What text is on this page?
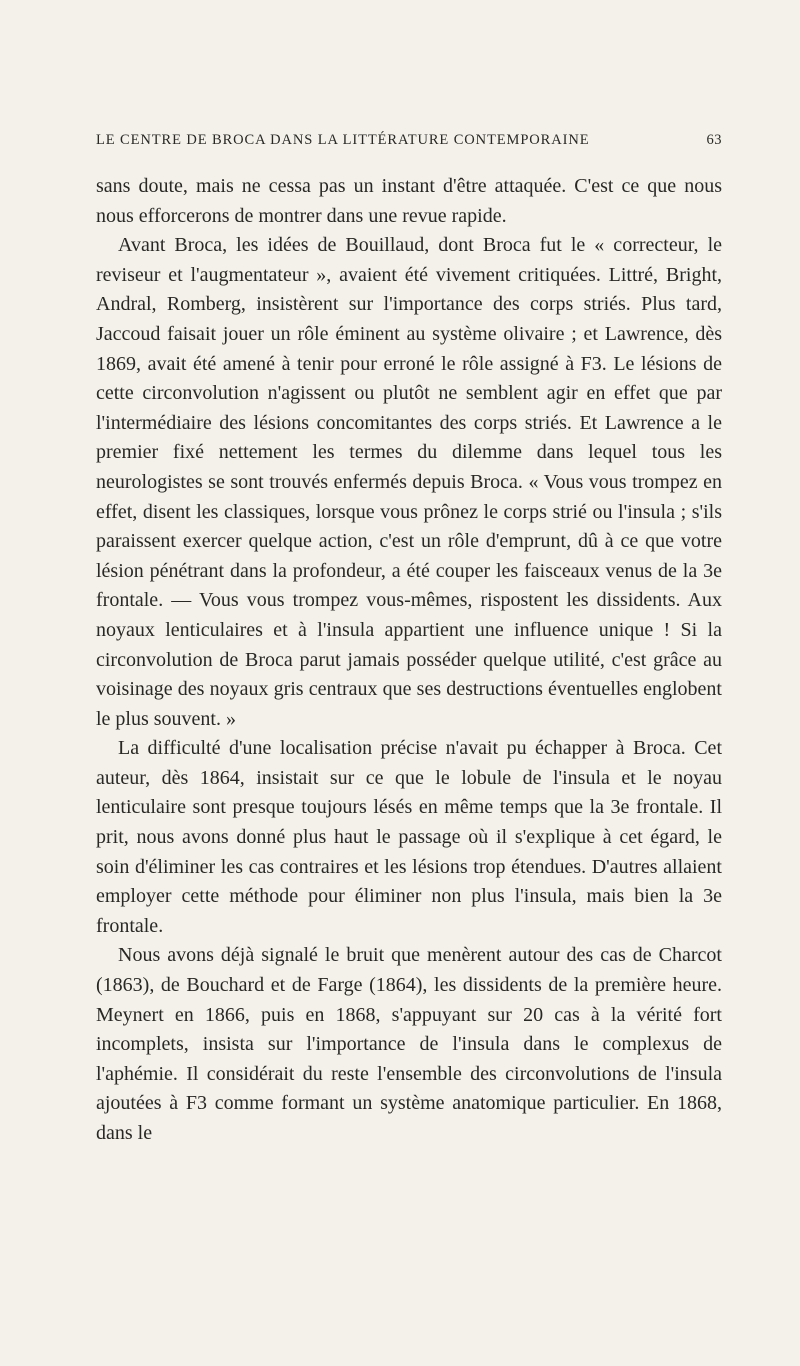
LE CENTRE DE BROCA DANS LA LITTÉRATURE CONTEMPORAINE	63

sans doute, mais ne cessa pas un instant d'être attaquée. C'est ce que nous nous efforcerons de montrer dans une revue rapide.

Avant Broca, les idées de Bouillaud, dont Broca fut le « correcteur, le reviseur et l'augmentateur », avaient été vivement critiquées. Littré, Bright, Andral, Romberg, insistèrent sur l'importance des corps striés. Plus tard, Jaccoud faisait jouer un rôle éminent au système olivaire ; et Lawrence, dès 1869, avait été amené à tenir pour erroné le rôle assigné à F3. Le lésions de cette circonvolution n'agissent ou plutôt ne semblent agir en effet que par l'intermédiaire des lésions concomitantes des corps striés. Et Lawrence a le premier fixé nettement les termes du dilemme dans lequel tous les neurologistes se sont trouvés enfermés depuis Broca. « Vous vous trompez en effet, disent les classiques, lorsque vous prônez le corps strié ou l'insula ; s'ils paraissent exercer quelque action, c'est un rôle d'emprunt, dû à ce que votre lésion pénétrant dans la profondeur, a été couper les faisceaux venus de la 3e frontale. — Vous vous trompez vous-mêmes, rispostent les dissidents. Aux noyaux lenticulaires et à l'insula appartient une influence unique ! Si la circonvolution de Broca parut jamais posséder quelque utilité, c'est grâce au voisinage des noyaux gris centraux que ses destructions éventuelles englobent le plus souvent. »

La difficulté d'une localisation précise n'avait pu échapper à Broca. Cet auteur, dès 1864, insistait sur ce que le lobule de l'insula et le noyau lenticulaire sont presque toujours lésés en même temps que la 3e frontale. Il prit, nous avons donné plus haut le passage où il s'explique à cet égard, le soin d'éliminer les cas contraires et les lésions trop étendues. D'autres allaient employer cette méthode pour éliminer non plus l'insula, mais bien la 3e frontale.

Nous avons déjà signalé le bruit que menèrent autour des cas de Charcot (1863), de Bouchard et de Farge (1864), les dissidents de la première heure. Meynert en 1866, puis en 1868, s'appuyant sur 20 cas à la vérité fort incomplets, insista sur l'importance de l'insula dans le complexus de l'aphémie. Il considérait du reste l'ensemble des circonvolutions de l'insula ajoutées à F3 comme formant un système anatomique particulier. En 1868, dans le
